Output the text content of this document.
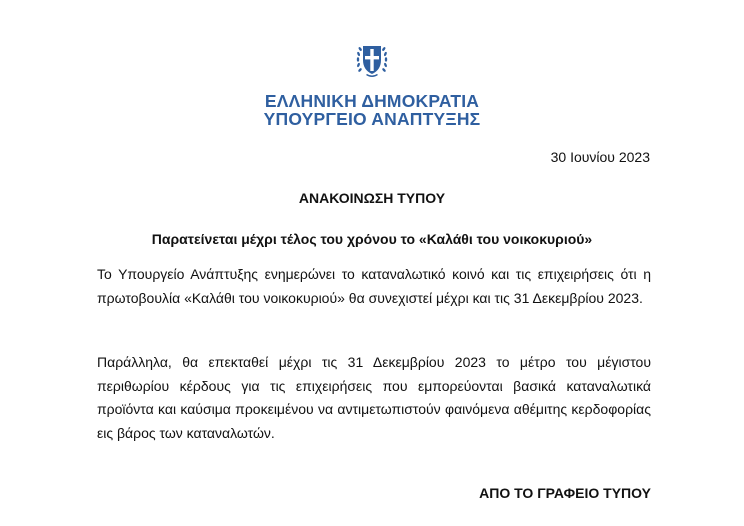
ΕΛΛΗΝΙΚΗ ΔΗΜΟΚΡΑΤΙΑ
ΥΠΟΥΡΓΕΙΟ ΑΝΑΠΤΥΞΗΣ
30 Ιουνίου 2023
ΑΝΑΚΟΙΝΩΣΗ ΤΥΠΟΥ
Παρατείνεται μέχρι τέλος του χρόνου το «Καλάθι του νοικοκυριού»

Το Υπουργείο Ανάπτυξης ενημερώνει το καταναλωτικό κοινό και τις επιχειρήσεις ότι η πρωτοβουλία «Καλάθι του νοικοκυριού» θα συνεχιστεί μέχρι και τις 31 Δεκεμβρίου 2023.

Παράλληλα, θα επεκταθεί μέχρι τις 31 Δεκεμβρίου 2023 το μέτρο του μέγιστου περιθωρίου κέρδους για τις επιχειρήσεις που εμπορεύονται βασικά καταναλωτικά προϊόντα και καύσιμα προκειμένου να αντιμετωπιστούν φαινόμενα αθέμιτης κερδοφορίας εις βάρος των καταναλωτών.

ΑΠΟ ΤΟ ΓΡΑΦΕΙΟ ΤΥΠΟΥ
